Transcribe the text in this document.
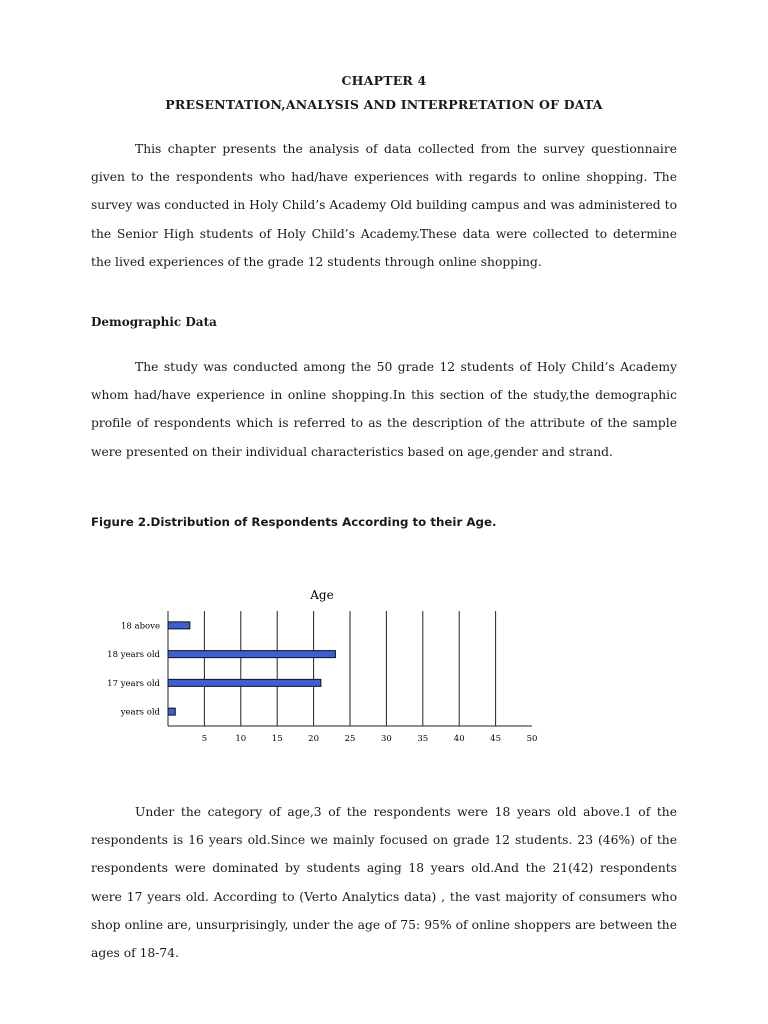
CHAPTER 4
PRESENTATION,ANALYSIS AND INTERPRETATION OF DATA

This chapter presents the analysis of data collected from the survey questionnaire given to the respondents who had/have experiences with regards to online shopping. The survey was conducted in Holy Child’s Academy Old building campus and was administered to the Senior High students of Holy Child’s Academy.These data were collected to determine the lived experiences of the grade 12 students through online shopping.

Demographic Data

The study was conducted among the 50 grade 12 students of Holy Child’s Academy whom had/have experience in online shopping.In this section of the study,the demographic profile of respondents which is referred to as the description of the attribute of the sample were presented on their individual characteristics based on age,gender and strand.

Figure 2.Distribution of Respondents According to their Age.
Age
18 above
18 years old
17 years old
years old
5	10	15	20	25	30	35	40	45	50

Under the category of age,3 of the respondents were 18 years old above.1 of the respondents is 16 years old.Since we mainly focused on grade 12 students. 23 (46%) of the respondents were dominated by students aging 18 years old.And the 21(42) respondents were 17 years old. According to (Verto Analytics data) , the vast majority of consumers who shop online are, unsurprisingly, under the age of 75: 95% of online shoppers are between the ages of 18-74.
